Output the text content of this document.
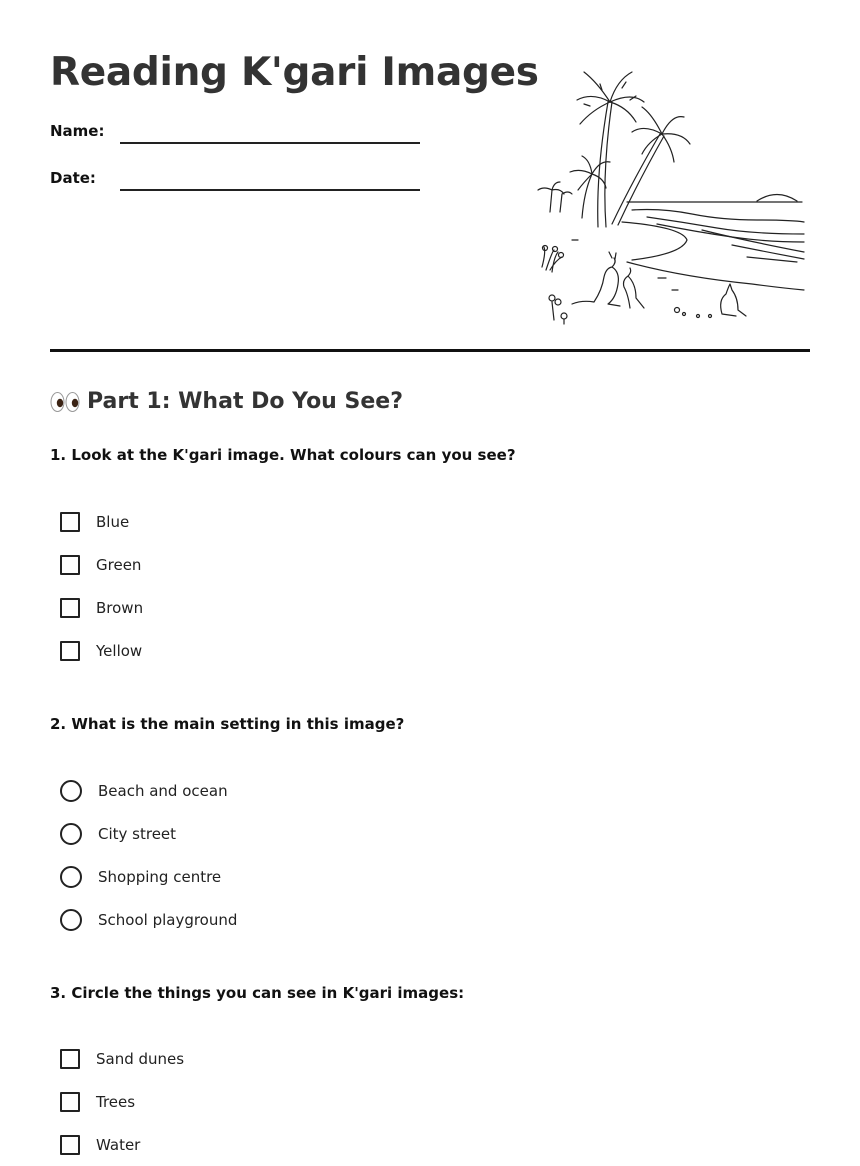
Reading K'gari Images
Name:
Date:
Part 1: What Do You See?

1. Look at the K'gari image. What colours can you see?

Blue
Green
Brown
Yellow

2. What is the main setting in this image?

Beach and ocean
City street
Shopping centre
School playground

3. Circle the things you can see in K'gari images:

Sand dunes
Trees
Water
